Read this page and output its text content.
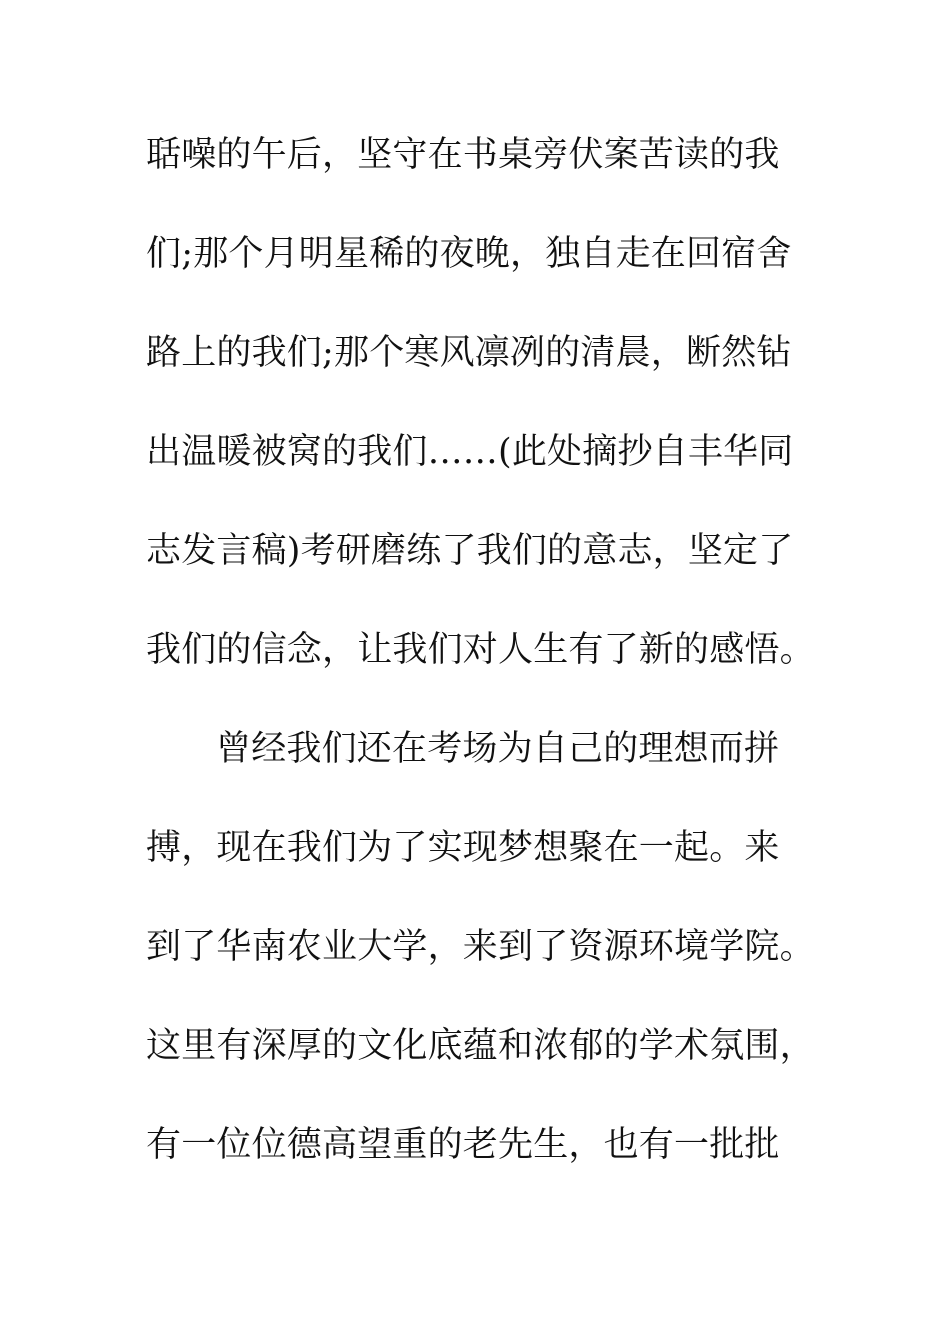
聒噪的午后，坚守在书桌旁伏案苦读的我
们;那个月明星稀的夜晚，独自走在回宿舍
路上的我们;那个寒风凛冽的清晨，断然钻
出温暖被窝的我们……(此处摘抄自丰华同
志发言稿)考研磨练了我们的意志，坚定了
我们的信念，让我们对人生有了新的感悟。
曾经我们还在考场为自己的理想而拼
搏，现在我们为了实现梦想聚在一起。来
到了华南农业大学，来到了资源环境学院。
这里有深厚的文化底蕴和浓郁的学术氛围，
有一位位德高望重的老先生，也有一批批
